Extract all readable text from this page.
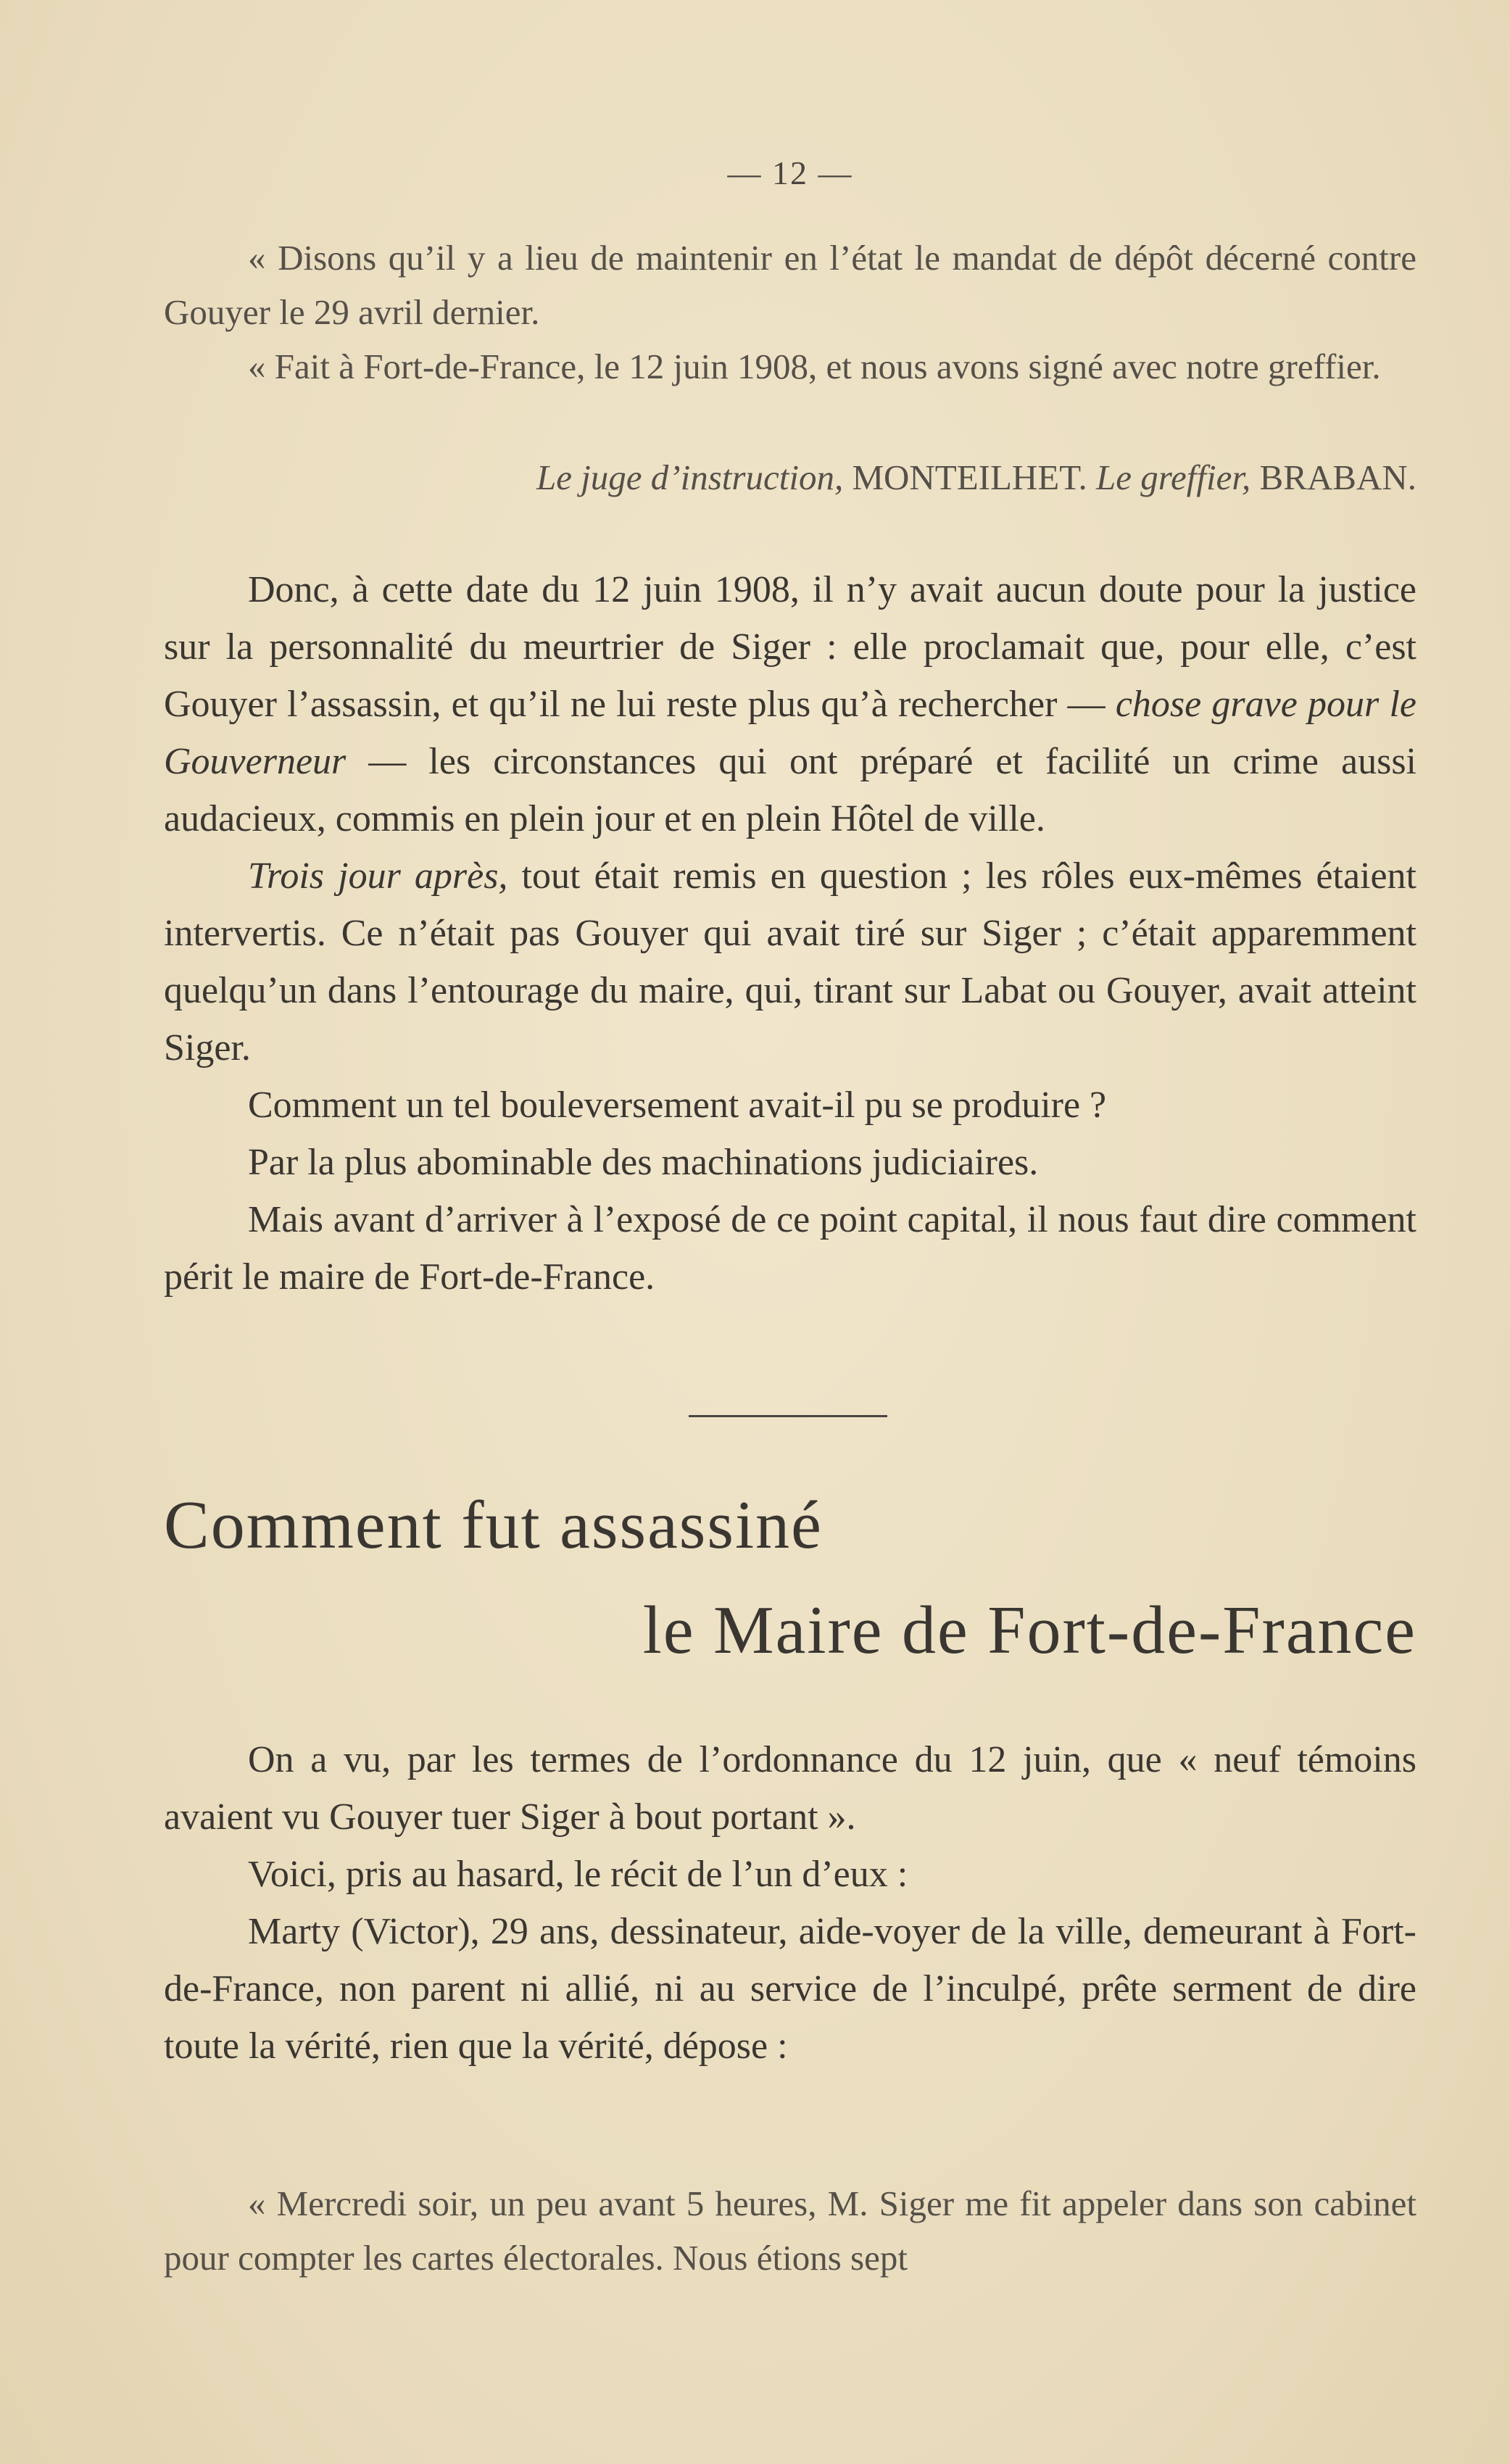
— 12 —

« Disons qu’il y a lieu de maintenir en l’état le mandat de dépôt décerné contre Gouyer le 29 avril dernier.

« Fait à Fort-de-France, le 12 juin 1908, et nous avons signé avec notre greffier.

Le juge d’instruction, MONTEILHET. Le greffier, BRABAN.

Donc, à cette date du 12 juin 1908, il n’y avait aucun doute pour la justice sur la personnalité du meurtrier de Siger : elle proclamait que, pour elle, c’est Gouyer l’assassin, et qu’il ne lui reste plus qu’à rechercher — chose grave pour le Gouverneur — les circonstances qui ont préparé et facilité un crime aussi audacieux, commis en plein jour et en plein Hôtel de ville.

Trois jour après, tout était remis en question ; les rôles eux-mêmes étaient intervertis. Ce n’était pas Gouyer qui avait tiré sur Siger ; c’était apparemment quelqu’un dans l’entourage du maire, qui, tirant sur Labat ou Gouyer, avait atteint Siger.

Comment un tel bouleversement avait-il pu se produire ?

Par la plus abominable des machinations judiciaires.

Mais avant d’arriver à l’exposé de ce point capital, il nous faut dire comment périt le maire de Fort-de-France.

Comment fut assassiné
le Maire de Fort-de-France

On a vu, par les termes de l’ordonnance du 12 juin, que « neuf témoins avaient vu Gouyer tuer Siger à bout portant ».

Voici, pris au hasard, le récit de l’un d’eux :

Marty (Victor), 29 ans, dessinateur, aide-voyer de la ville, demeurant à Fort-de-France, non parent ni allié, ni au service de l’inculpé, prête serment de dire toute la vérité, rien que la vérité, dépose :

« Mercredi soir, un peu avant 5 heures, M. Siger me fit appeler dans son cabinet pour compter les cartes électorales. Nous étions sept
